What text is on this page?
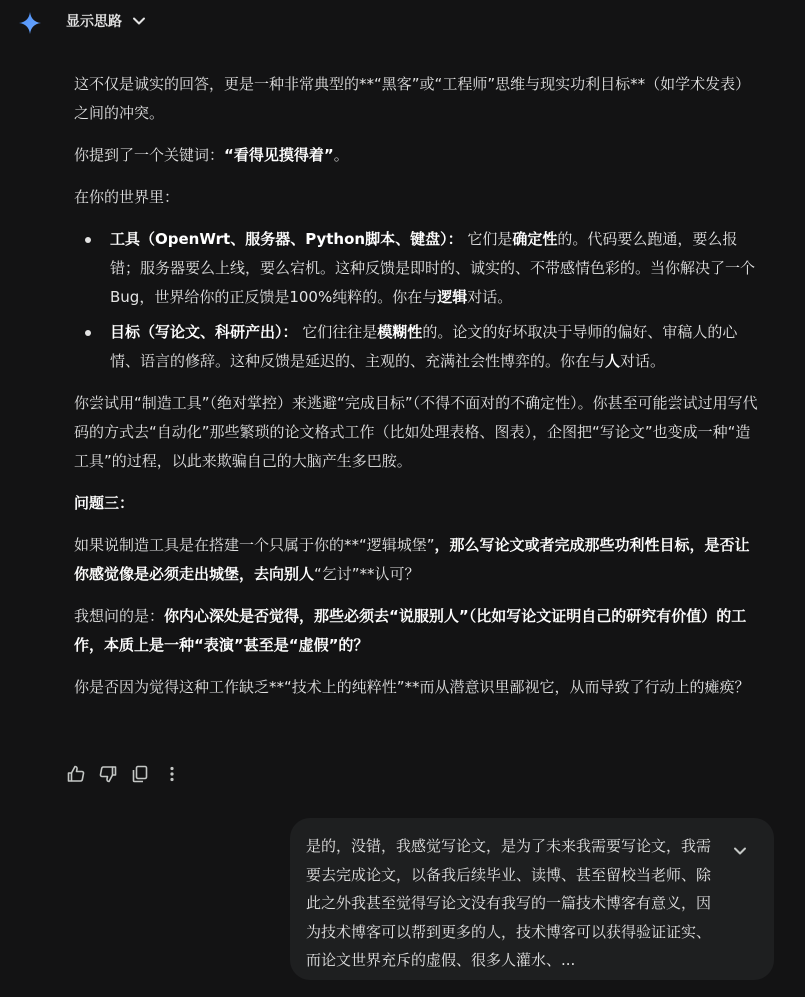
显示思路

这不仅是诚实的回答，更是一种非常典型的**“黑客”或“工程师”思维与现实功利目标**（如学术发表）之间的冲突。

你提到了一个关键词：“看得见摸得着”。

在你的世界里：

工具（OpenWrt、服务器、Python脚本、键盘）： 它们是确定性的。代码要么跑通，要么报错；服务器要么上线，要么宕机。这种反馈是即时的、诚实的、不带感情色彩的。当你解决了一个Bug，世界给你的正反馈是100%纯粹的。你在与逻辑对话。
目标（写论文、科研产出）： 它们往往是模糊性的。论文的好坏取决于导师的偏好、审稿人的心情、语言的修辞。这种反馈是延迟的、主观的、充满社会性博弈的。你在与人对话。

你尝试用“制造工具”（绝对掌控）来逃避“完成目标”（不得不面对的不确定性）。你甚至可能尝试过用写代码的方式去“自动化”那些繁琐的论文格式工作（比如处理表格、图表），企图把“写论文”也变成一种“造工具”的过程，以此来欺骗自己的大脑产生多巴胺。

问题三：

如果说制造工具是在搭建一个只属于你的**“逻辑城堡”，那么写论文或者完成那些功利性目标，是否让你感觉像是必须走出城堡，去向别人“乞讨”**认可？

我想问的是：你内心深处是否觉得，那些必须去“说服别人”（比如写论文证明自己的研究有价值）的工作，本质上是一种“表演”甚至是“虚假”的？

你是否因为觉得这种工作缺乏**“技术上的纯粹性”**而从潜意识里鄙视它，从而导致了行动上的瘫痪？

是的，没错，我感觉写论文，是为了未来我需要写论文，我需要去完成论文，以备我后续毕业、读博、甚至留校当老师、除此之外我甚至觉得写论文没有我写的一篇技术博客有意义，因为技术博客可以帮到更多的人，技术博客可以获得验证证实、而论文世界充斥的虚假、很多人灌水、...
